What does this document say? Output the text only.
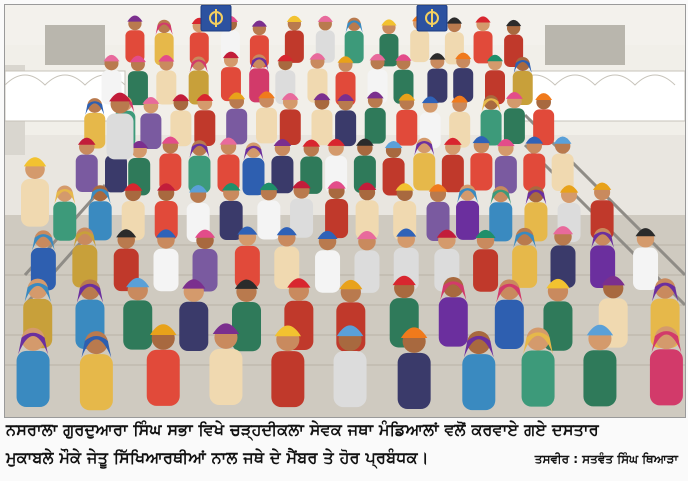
ਨਸਰਾਲਾ ਗੁਰਦੁਆਰਾ ਸਿੰਘ ਸਭਾ ਵਿਖੇ ਚੜ੍ਹਦੀਕਲਾ ਸੇਵਕ ਜਥਾ ਮੰਡਿਆਲਾਂ ਵਲੋਂ ਕਰਵਾਏ ਗਏ ਦਸਤਾਰ
ਮੁਕਾਬਲੇ ਮੌਕੇ ਜੇਤੂ ਸਿੱਖਿਆਰਥੀਆਂ ਨਾਲ ਜਥੇ ਦੇ ਮੈਂਬਰ ਤੇ ਹੋਰ ਪ੍ਰਬੰਧਕ।	ਤਸਵੀਰ : ਸਤਵੰਤ ਸਿੰਘ ਥਿਆੜਾ
